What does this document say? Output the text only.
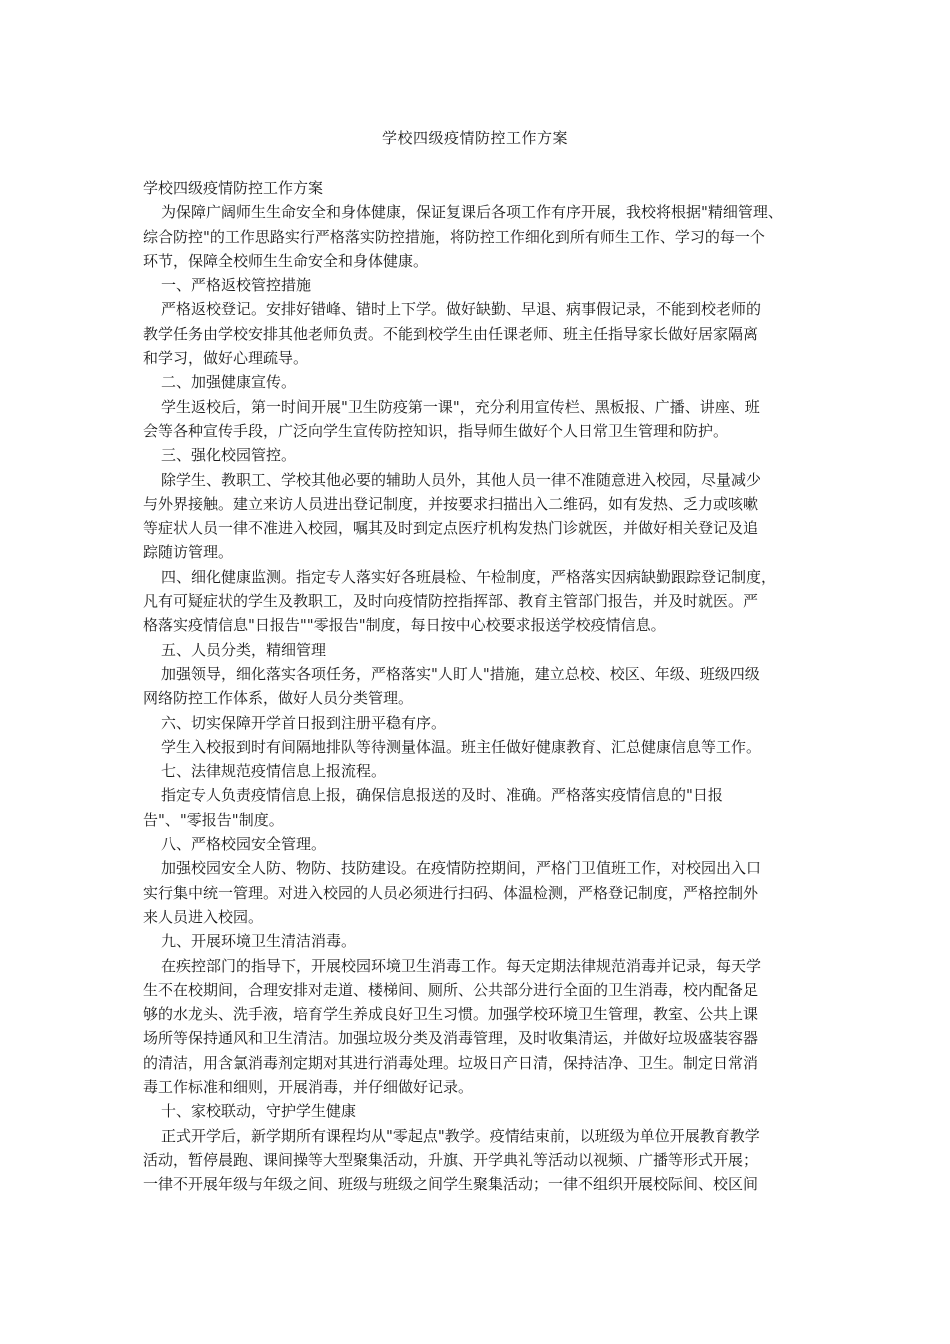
学校四级疫情防控工作方案
学校四级疫情防控工作方案
为保障广阔师生生命安全和身体健康，保证复课后各项工作有序开展，我校将根据"精细管理、
综合防控"的工作思路实行严格落实防控措施，将防控工作细化到所有师生工作、学习的每一个
环节，保障全校师生生命安全和身体健康。
一、严格返校管控措施
严格返校登记。安排好错峰、错时上下学。做好缺勤、早退、病事假记录，不能到校老师的
教学任务由学校安排其他老师负责。不能到校学生由任课老师、班主任指导家长做好居家隔离
和学习，做好心理疏导。
二、加强健康宣传。
学生返校后，第一时间开展"卫生防疫第一课"，充分利用宣传栏、黑板报、广播、讲座、班
会等各种宣传手段，广泛向学生宣传防控知识，指导师生做好个人日常卫生管理和防护。
三、强化校园管控。
除学生、教职工、学校其他必要的辅助人员外，其他人员一律不准随意进入校园，尽量减少
与外界接触。建立来访人员进出登记制度，并按要求扫描出入二维码，如有发热、乏力或咳嗽
等症状人员一律不准进入校园，嘱其及时到定点医疗机构发热门诊就医，并做好相关登记及追
踪随访管理。
四、细化健康监测。指定专人落实好各班晨检、午检制度，严格落实因病缺勤跟踪登记制度，
凡有可疑症状的学生及教职工，及时向疫情防控指挥部、教育主管部门报告，并及时就医。严
格落实疫情信息"日报告""零报告"制度，每日按中心校要求报送学校疫情信息。
五、人员分类，精细管理
加强领导，细化落实各项任务，严格落实"人盯人"措施，建立总校、校区、年级、班级四级
网络防控工作体系，做好人员分类管理。
六、切实保障开学首日报到注册平稳有序。
学生入校报到时有间隔地排队等待测量体温。班主任做好健康教育、汇总健康信息等工作。
七、法律规范疫情信息上报流程。
指定专人负责疫情信息上报，确保信息报送的及时、准确。严格落实疫情信息的"日报
告"、"零报告"制度。
八、严格校园安全管理。
加强校园安全人防、物防、技防建设。在疫情防控期间，严格门卫值班工作，对校园出入口
实行集中统一管理。对进入校园的人员必须进行扫码、体温检测，严格登记制度，严格控制外
来人员进入校园。
九、开展环境卫生清洁消毒。
在疾控部门的指导下，开展校园环境卫生消毒工作。每天定期法律规范消毒并记录，每天学
生不在校期间，合理安排对走道、楼梯间、厕所、公共部分进行全面的卫生消毒，校内配备足
够的水龙头、洗手液，培育学生养成良好卫生习惯。加强学校环境卫生管理，教室、公共上课
场所等保持通风和卫生清洁。加强垃圾分类及消毒管理，及时收集清运，并做好垃圾盛装容器
的清洁，用含氯消毒剂定期对其进行消毒处理。垃圾日产日清，保持洁净、卫生。制定日常消
毒工作标准和细则，开展消毒，并仔细做好记录。
十、家校联动，守护学生健康
正式开学后，新学期所有课程均从"零起点"教学。疫情结束前，以班级为单位开展教育教学
活动，暂停晨跑、课间操等大型聚集活动，升旗、开学典礼等活动以视频、广播等形式开展；
一律不开展年级与年级之间、班级与班级之间学生聚集活动；一律不组织开展校际间、校区间
